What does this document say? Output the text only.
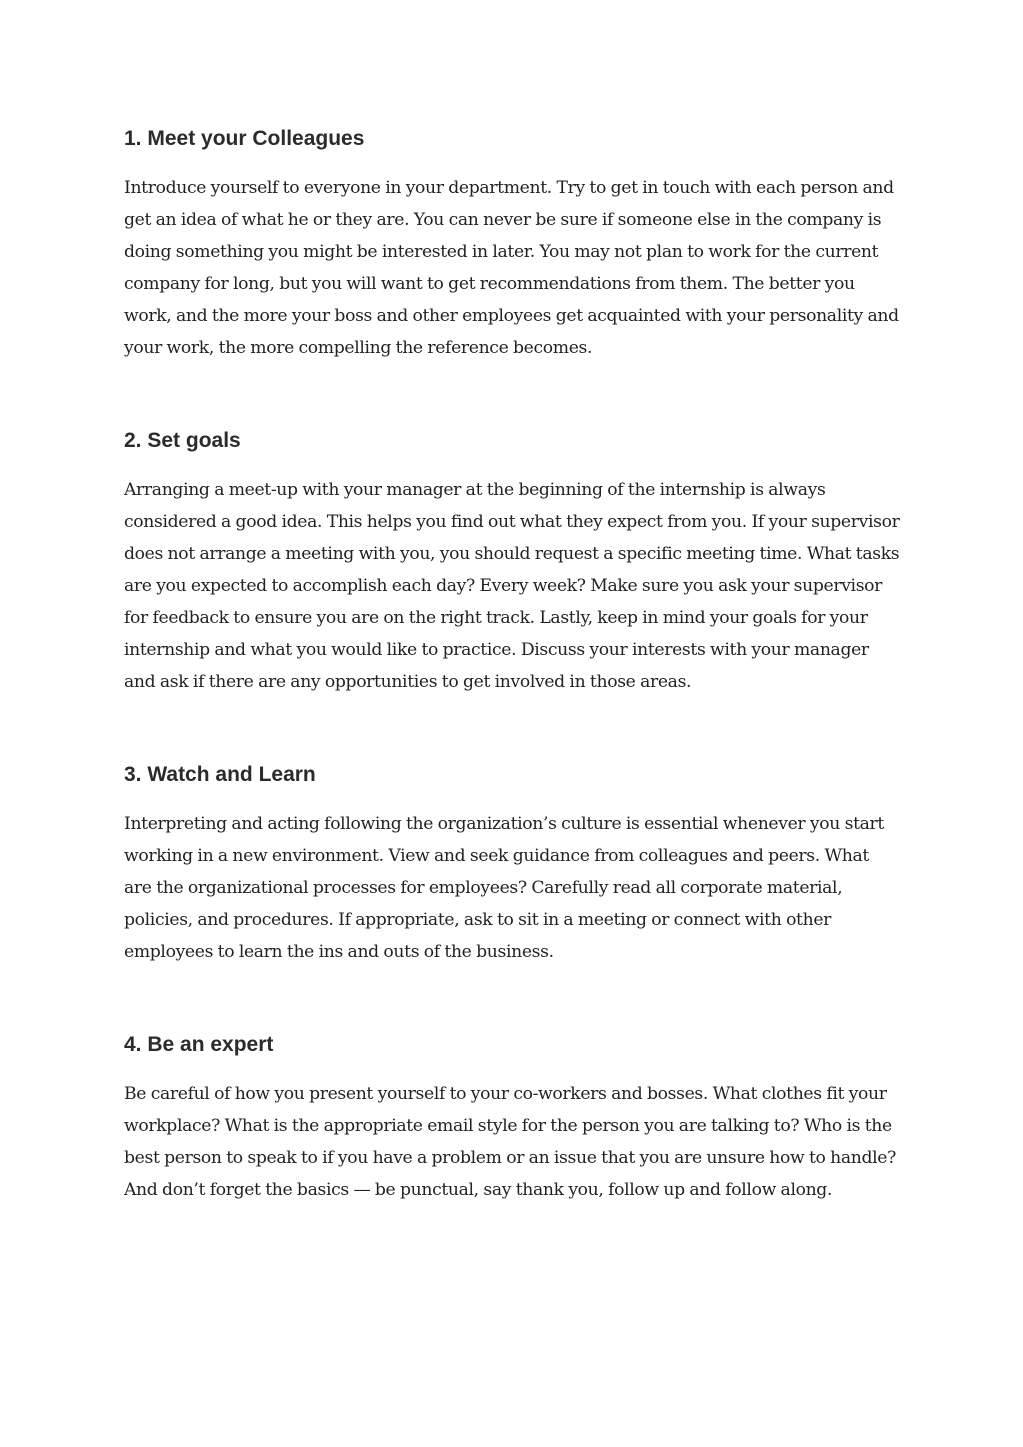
1. Meet your Colleagues

Introduce yourself to everyone in your department. Try to get in touch with each person and get an idea of what he or they are. You can never be sure if someone else in the company is doing something you might be interested in later. You may not plan to work for the current company for long, but you will want to get recommendations from them. The better you work, and the more your boss and other employees get acquainted with your personality and your work, the more compelling the reference becomes.

2. Set goals

Arranging a meet-up with your manager at the beginning of the internship is always considered a good idea. This helps you find out what they expect from you. If your supervisor does not arrange a meeting with you, you should request a specific meeting time. What tasks are you expected to accomplish each day? Every week? Make sure you ask your supervisor for feedback to ensure you are on the right track. Lastly, keep in mind your goals for your internship and what you would like to practice. Discuss your interests with your manager and ask if there are any opportunities to get involved in those areas.

3. Watch and Learn

Interpreting and acting following the organization’s culture is essential whenever you start working in a new environment. View and seek guidance from colleagues and peers. What are the organizational processes for employees? Carefully read all corporate material, policies, and procedures. If appropriate, ask to sit in a meeting or connect with other employees to learn the ins and outs of the business.

4. Be an expert

Be careful of how you present yourself to your co-workers and bosses. What clothes fit your workplace? What is the appropriate email style for the person you are talking to? Who is the best person to speak to if you have a problem or an issue that you are unsure how to handle? And don’t forget the basics — be punctual, say thank you, follow up and follow along.
